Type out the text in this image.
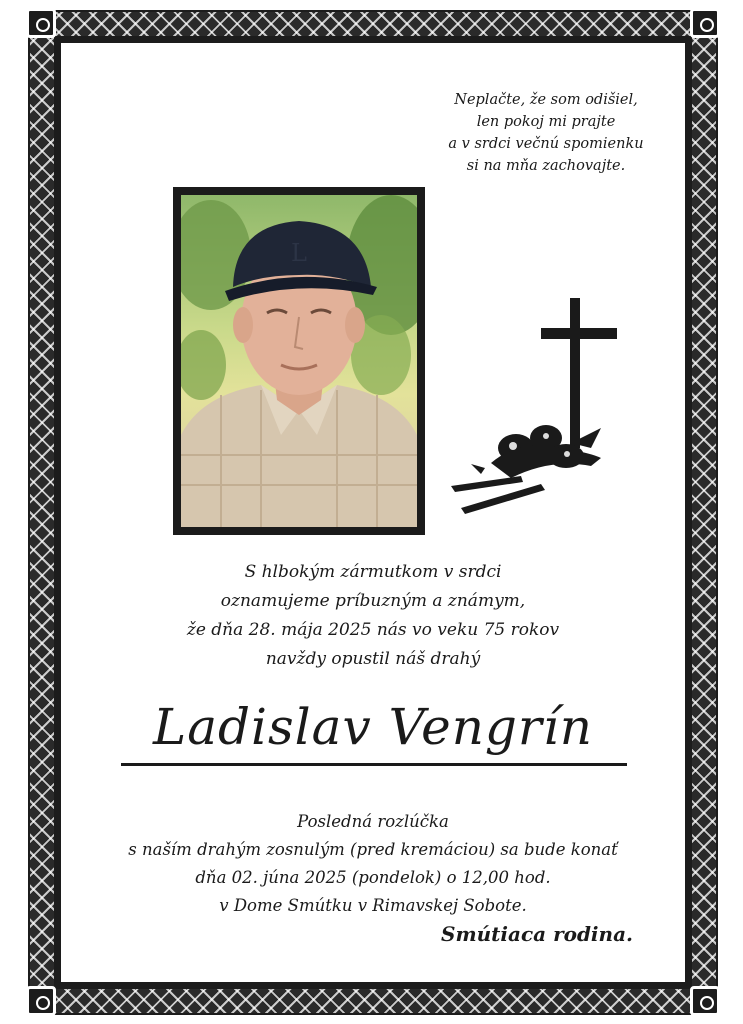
Neplačte, že som odišiel,
len pokoj mi prajte
a v srdci večnú spomienku
si na mňa zachovajte.
L
S hlbokým zármutkom v srdci
oznamujeme príbuzným a známym,
že dňa 28. mája 2025 nás vo veku 75 rokov
navždy opustil náš drahý
Ladislav Vengrín
Posledná rozlúčka
s naším drahým zosnulým (pred kremáciou) sa bude konať
dňa 02. júna 2025 (pondelok) o 12,00 hod.
v Dome Smútku v Rimavskej Sobote.
Smútiaca rodina.
